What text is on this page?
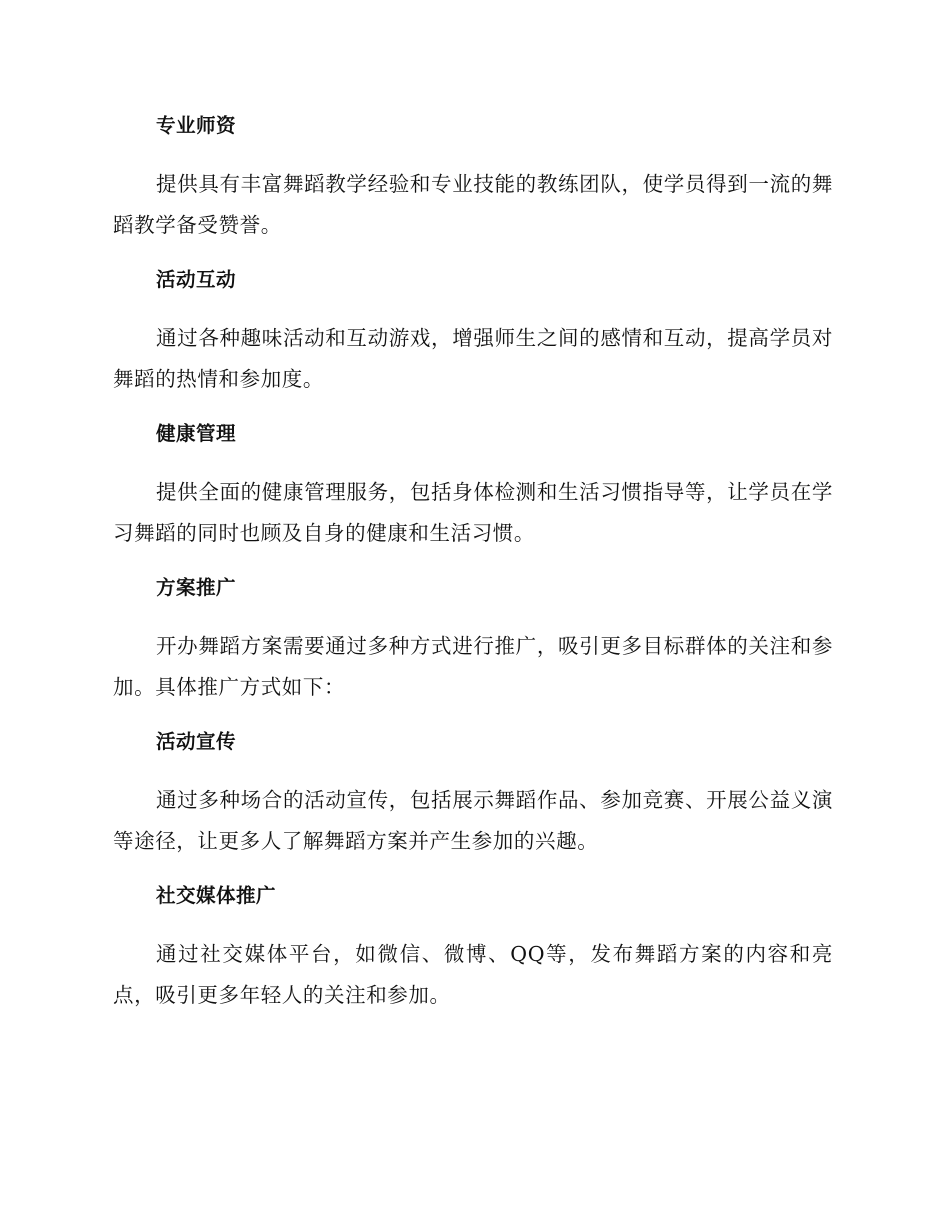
专业师资
提供具有丰富舞蹈教学经验和专业技能的教练团队，使学员得到一流的舞蹈教学备受赞誉。
活动互动
通过各种趣味活动和互动游戏，增强师生之间的感情和互动，提高学员对舞蹈的热情和参加度。
健康管理
提供全面的健康管理服务，包括身体检测和生活习惯指导等，让学员在学习舞蹈的同时也顾及自身的健康和生活习惯。
方案推广
开办舞蹈方案需要通过多种方式进行推广，吸引更多目标群体的关注和参加。具体推广方式如下：
活动宣传
通过多种场合的活动宣传，包括展示舞蹈作品、参加竞赛、开展公益义演等途径，让更多人了解舞蹈方案并产生参加的兴趣。
社交媒体推广
通过社交媒体平台，如微信、微博、QQ等，发布舞蹈方案的内容和亮点，吸引更多年轻人的关注和参加。
